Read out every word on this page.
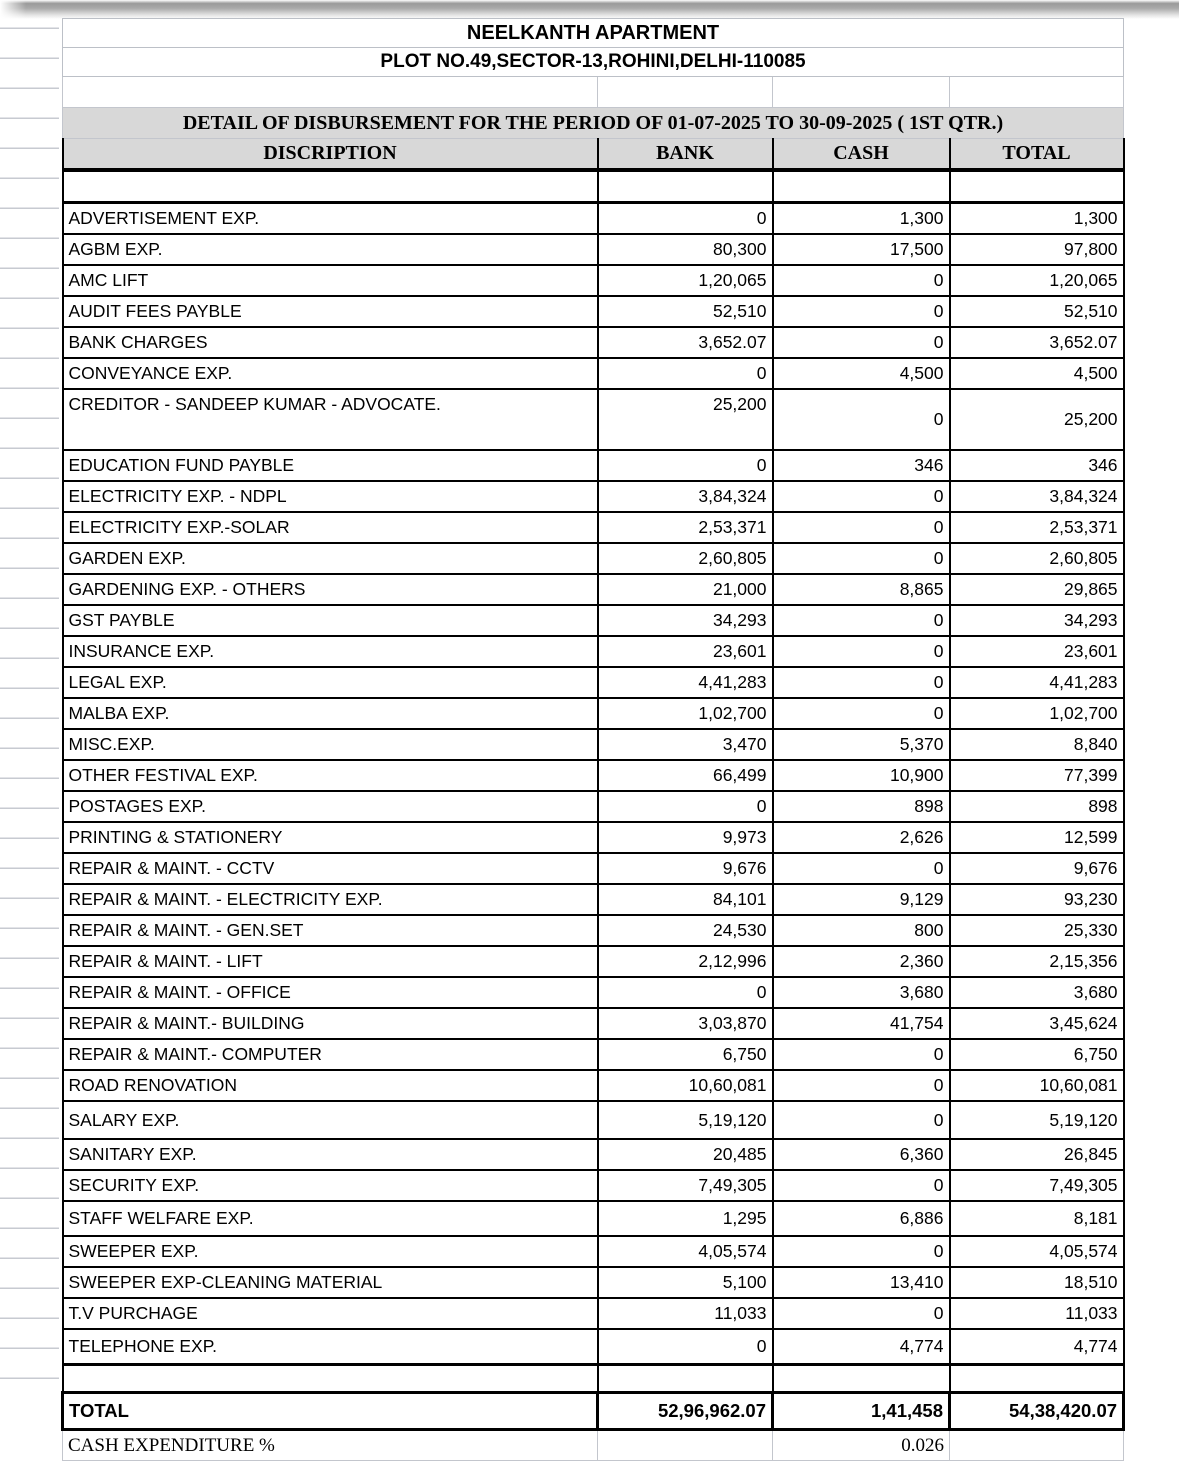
NEELKANTH APARTMENT			
PLOT NO.49,SECTOR-13,ROHINI,DELHI-110085			

DETAIL OF DISBURSEMENT FOR THE PERIOD OF 01-07-2025 TO 30-09-2025 ( 1ST QTR.)			
DISCRIPTION	BANK	CASH	TOTAL

ADVERTISEMENT EXP.	0	1,300	1,300
AGBM EXP.	80,300	17,500	97,800
AMC LIFT	1,20,065	0	1,20,065
AUDIT FEES PAYBLE	52,510	0	52,510
BANK CHARGES	3,652.07	0	3,652.07
CONVEYANCE EXP.	0	4,500	4,500
CREDITOR - SANDEEP KUMAR - ADVOCATE.	25,200	0	25,200
EDUCATION FUND PAYBLE	0	346	346
ELECTRICITY EXP. - NDPL	3,84,324	0	3,84,324
ELECTRICITY EXP.-SOLAR	2,53,371	0	2,53,371
GARDEN EXP.	2,60,805	0	2,60,805
GARDENING EXP. - OTHERS	21,000	8,865	29,865
GST PAYBLE	34,293	0	34,293
INSURANCE EXP.	23,601	0	23,601
LEGAL EXP.	4,41,283	0	4,41,283
MALBA EXP.	1,02,700	0	1,02,700
MISC.EXP.	3,470	5,370	8,840
OTHER FESTIVAL EXP.	66,499	10,900	77,399
POSTAGES EXP.	0	898	898
PRINTING & STATIONERY	9,973	2,626	12,599
REPAIR & MAINT. - CCTV	9,676	0	9,676
REPAIR & MAINT. - ELECTRICITY EXP.	84,101	9,129	93,230
REPAIR & MAINT. - GEN.SET	24,530	800	25,330
REPAIR & MAINT. - LIFT	2,12,996	2,360	2,15,356
REPAIR & MAINT. - OFFICE	0	3,680	3,680
REPAIR & MAINT.- BUILDING	3,03,870	41,754	3,45,624
REPAIR & MAINT.- COMPUTER	6,750	0	6,750
ROAD RENOVATION	10,60,081	0	10,60,081
SALARY EXP.	5,19,120	0	5,19,120
SANITARY EXP.	20,485	6,360	26,845
SECURITY EXP.	7,49,305	0	7,49,305
STAFF WELFARE EXP.	1,295	6,886	8,181
SWEEPER EXP.	4,05,574	0	4,05,574
SWEEPER EXP-CLEANING MATERIAL	5,100	13,410	18,510
T.V PURCHAGE	11,033	0	11,033
TELEPHONE EXP.	0	4,774	4,774

TOTAL	52,96,962.07	1,41,458	54,38,420.07
CASH EXPENDITURE %		0.026	
